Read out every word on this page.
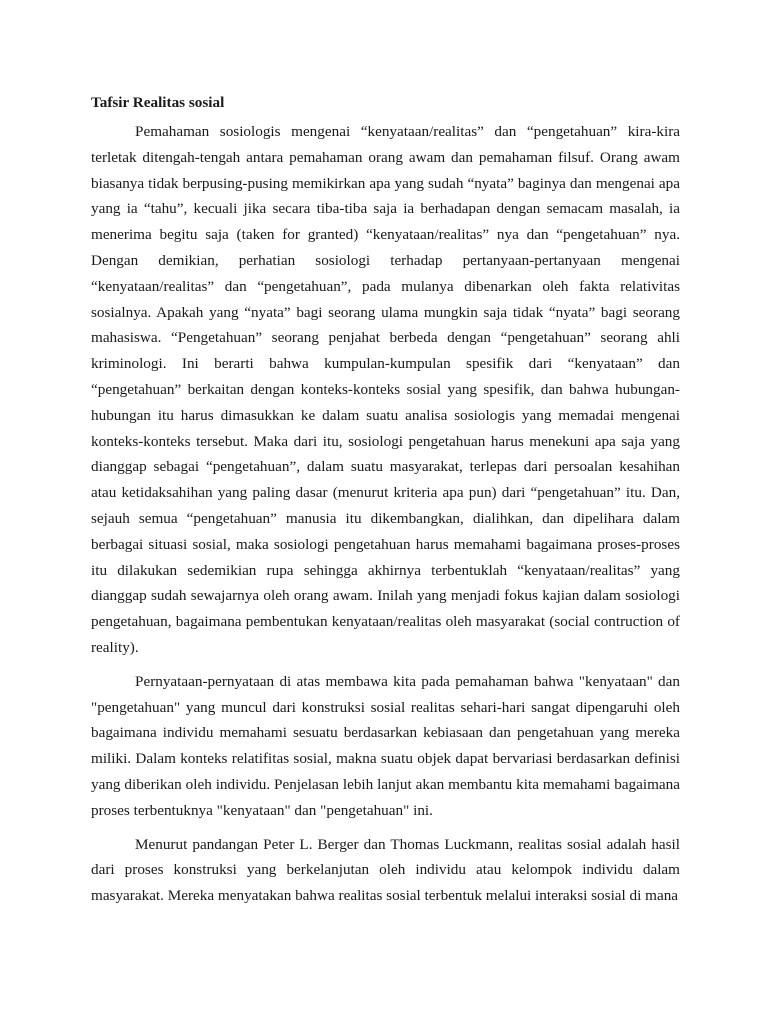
Tafsir Realitas sosial

Pemahaman sosiologis mengenai “kenyataan/realitas” dan “pengetahuan” kira-kira terletak ditengah-tengah antara pemahaman orang awam dan pemahaman filsuf. Orang awam biasanya tidak berpusing-pusing memikirkan apa yang sudah “nyata” baginya dan mengenai apa yang ia “tahu”, kecuali jika secara tiba-tiba saja ia berhadapan dengan semacam masalah, ia menerima begitu saja (taken for granted) “kenyataan/realitas” nya dan “pengetahuan” nya. Dengan demikian, perhatian sosiologi terhadap pertanyaan-pertanyaan mengenai “kenyataan/realitas” dan “pengetahuan”, pada mulanya dibenarkan oleh fakta relativitas sosialnya. Apakah yang “nyata” bagi seorang ulama mungkin saja tidak “nyata” bagi seorang mahasiswa. “Pengetahuan” seorang penjahat berbeda dengan “pengetahuan” seorang ahli kriminologi. Ini berarti bahwa kumpulan-kumpulan spesifik dari “kenyataan” dan “pengetahuan” berkaitan dengan konteks-konteks sosial yang spesifik, dan bahwa hubungan-hubungan itu harus dimasukkan ke dalam suatu analisa sosiologis yang memadai mengenai konteks-konteks tersebut. Maka dari itu, sosiologi pengetahuan harus menekuni apa saja yang dianggap sebagai “pengetahuan”, dalam suatu masyarakat, terlepas dari persoalan kesahihan atau ketidaksahihan yang paling dasar (menurut kriteria apa pun) dari “pengetahuan” itu. Dan, sejauh semua “pengetahuan” manusia itu dikembangkan, dialihkan, dan dipelihara dalam berbagai situasi sosial, maka sosiologi pengetahuan harus memahami bagaimana proses-proses itu dilakukan sedemikian rupa sehingga akhirnya terbentuklah “kenyataan/realitas” yang dianggap sudah sewajarnya oleh orang awam. Inilah yang menjadi fokus kajian dalam sosiologi pengetahuan, bagaimana pembentukan kenyataan/realitas oleh masyarakat (social contruction of reality).

Pernyataan-pernyataan di atas membawa kita pada pemahaman bahwa "kenyataan" dan "pengetahuan" yang muncul dari konstruksi sosial realitas sehari-hari sangat dipengaruhi oleh bagaimana individu memahami sesuatu berdasarkan kebiasaan dan pengetahuan yang mereka miliki. Dalam konteks relatifitas sosial, makna suatu objek dapat bervariasi berdasarkan definisi yang diberikan oleh individu. Penjelasan lebih lanjut akan membantu kita memahami bagaimana proses terbentuknya "kenyataan" dan "pengetahuan" ini.

Menurut pandangan Peter L. Berger dan Thomas Luckmann, realitas sosial adalah hasil dari proses konstruksi yang berkelanjutan oleh individu atau kelompok individu dalam masyarakat. Mereka menyatakan bahwa realitas sosial terbentuk melalui interaksi sosial di mana
